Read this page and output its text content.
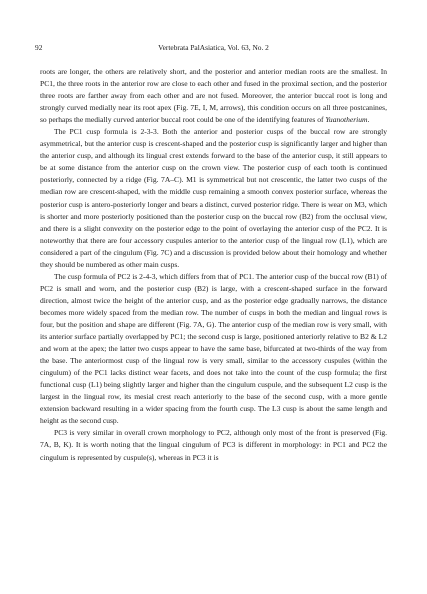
92	Vertebrata PalAsiatica, Vol. 63, No. 2

roots are longer, the others are relatively short, and the posterior and anterior median roots are the smallest. In PC1, the three roots in the anterior row are close to each other and fused in the proximal section, and the posterior three roots are farther away from each other and are not fused. Moreover, the anterior buccal root is long and strongly curved medially near its root apex (Fig. 7E, I, M, arrows), this condition occurs on all three postcanines, so perhaps the medially curved anterior buccal root could be one of the identifying features of Yuanotherium.

The PC1 cusp formula is 2-3-3. Both the anterior and posterior cusps of the buccal row are strongly asymmetrical, but the anterior cusp is crescent-shaped and the posterior cusp is significantly larger and higher than the anterior cusp, and although its lingual crest extends forward to the base of the anterior cusp, it still appears to be at some distance from the anterior cusp on the crown view. The posterior cusp of each tooth is continued posteriorly, connected by a ridge (Fig. 7A–C). M1 is symmetrical but not crescentic, the latter two cusps of the median row are crescent-shaped, with the middle cusp remaining a smooth convex posterior surface, whereas the posterior cusp is antero-posteriorly longer and bears a distinct, curved posterior ridge. There is wear on M3, which is shorter and more posteriorly positioned than the posterior cusp on the buccal row (B2) from the occlusal view, and there is a slight convexity on the posterior edge to the point of overlaying the anterior cusp of the PC2. It is noteworthy that there are four accessory cuspules anterior to the anterior cusp of the lingual row (L1), which are considered a part of the cingulum (Fig. 7C) and a discussion is provided below about their homology and whether they should be numbered as other main cusps.

The cusp formula of PC2 is 2-4-3, which differs from that of PC1. The anterior cusp of the buccal row (B1) of PC2 is small and worn, and the posterior cusp (B2) is large, with a crescent-shaped surface in the forward direction, almost twice the height of the anterior cusp, and as the posterior edge gradually narrows, the distance becomes more widely spaced from the median row. The number of cusps in both the median and lingual rows is four, but the position and shape are different (Fig. 7A, G). The anterior cusp of the median row is very small, with its anterior surface partially overlapped by PC1; the second cusp is large, positioned anteriorly relative to B2 & L2 and worn at the apex; the latter two cusps appear to have the same base, bifurcated at two-thirds of the way from the base. The anteriormost cusp of the lingual row is very small, similar to the accessory cuspules (within the cingulum) of the PC1 lacks distinct wear facets, and does not take into the count of the cusp formula; the first functional cusp (L1) being slightly larger and higher than the cingulum cuspule, and the subsequent L2 cusp is the largest in the lingual row, its mesial crest reach anteriorly to the base of the second cusp, with a more gentle extension backward resulting in a wider spacing from the fourth cusp. The L3 cusp is about the same length and height as the second cusp.

PC3 is very similar in overall crown morphology to PC2, although only most of the front is preserved (Fig. 7A, B, K). It is worth noting that the lingual cingulum of PC3 is different in morphology: in PC1 and PC2 the cingulum is represented by cuspule(s), whereas in PC3 it is
